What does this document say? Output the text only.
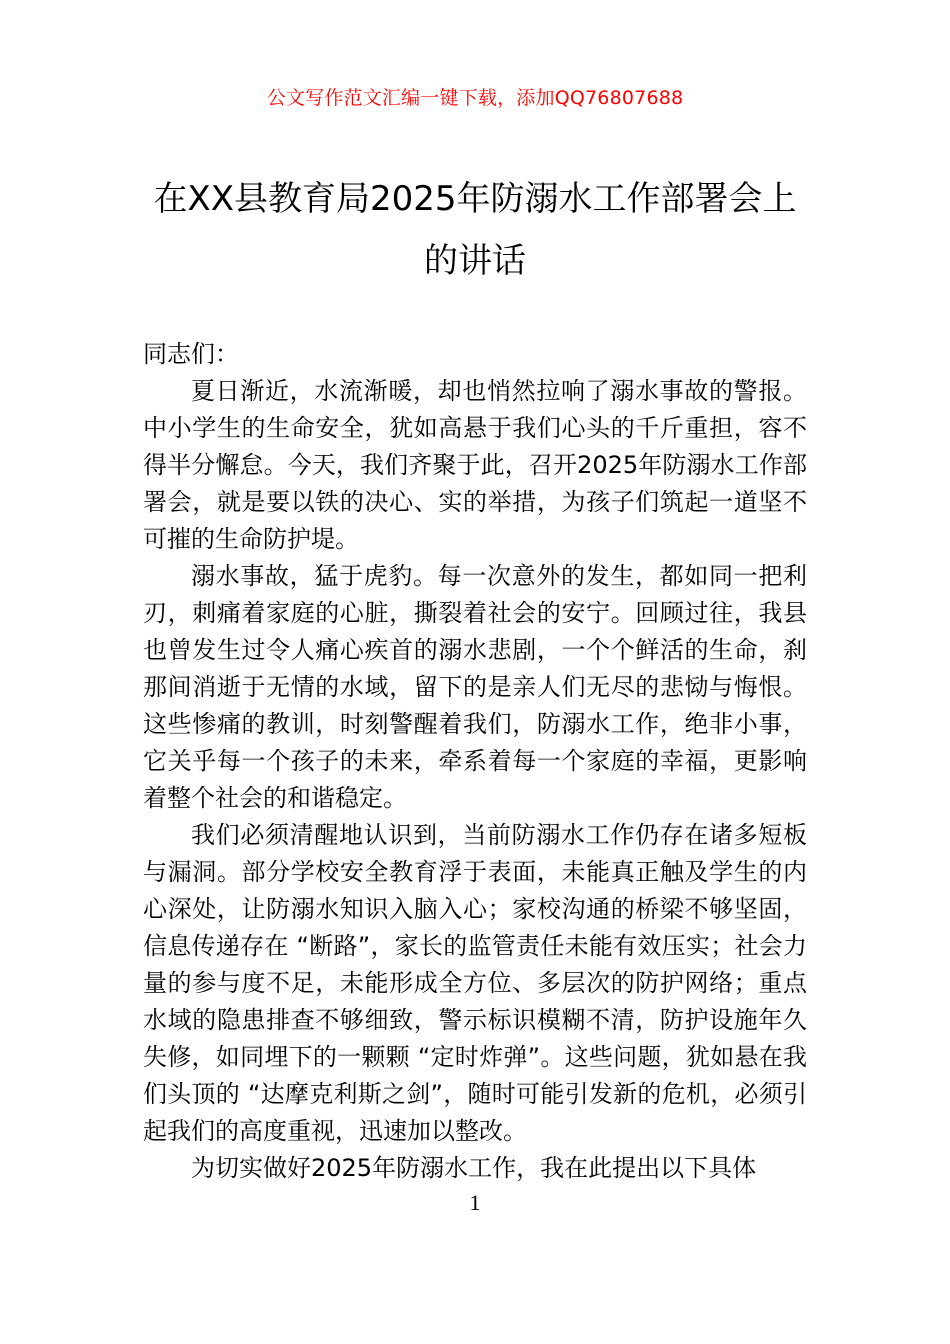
公文写作范文汇编一键下载，添加QQ76807688
在XX县教育局2025年防溺水工作部署会上的讲话

同志们：

夏日渐近，水流渐暖，却也悄然拉响了溺水事故的警报。中小学生的生命安全，犹如高悬于我们心头的千斤重担，容不得半分懈怠。今天，我们齐聚于此，召开2025年防溺水工作部署会，就是要以铁的决心、实的举措，为孩子们筑起一道坚不可摧的生命防护堤。

溺水事故，猛于虎豹。每一次意外的发生，都如同一把利刃，刺痛着家庭的心脏，撕裂着社会的安宁。回顾过往，我县也曾发生过令人痛心疾首的溺水悲剧，一个个鲜活的生命，刹那间消逝于无情的水域，留下的是亲人们无尽的悲恸与悔恨。这些惨痛的教训，时刻警醒着我们，防溺水工作，绝非小事，它关乎每一个孩子的未来，牵系着每一个家庭的幸福，更影响着整个社会的和谐稳定。

我们必须清醒地认识到，当前防溺水工作仍存在诸多短板与漏洞。部分学校安全教育浮于表面，未能真正触及学生的内心深处，让防溺水知识入脑入心；家校沟通的桥梁不够坚固，信息传递存在 “断路”，家长的监管责任未能有效压实；社会力量的参与度不足，未能形成全方位、多层次的防护网络；重点水域的隐患排查不够细致，警示标识模糊不清，防护设施年久失修，如同埋下的一颗颗 “定时炸弹”。这些问题，犹如悬在我们头顶的 “达摩克利斯之剑”，随时可能引发新的危机，必须引起我们的高度重视，迅速加以整改。

为切实做好2025年防溺水工作，我在此提出以下具体

1
